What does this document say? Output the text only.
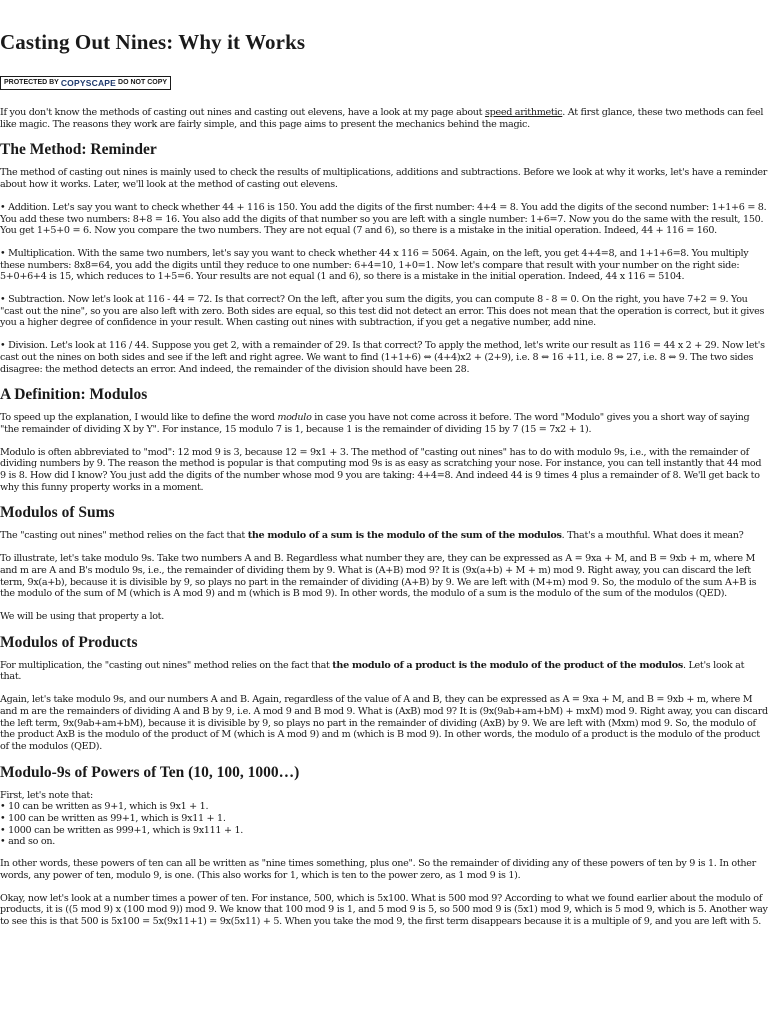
Casting Out Nines: Why it Works
PROTECTED BY COPYSCAPE DO NOT COPY

If you don't know the methods of casting out nines and casting out elevens, have a look at my page about speed arithmetic. At first glance, these two methods can feel like magic. The reasons they work are fairly simple, and this page aims to present the mechanics behind the magic.

The Method: Reminder

The method of casting out nines is mainly used to check the results of multiplications, additions and subtractions. Before we look at why it works, let's have a reminder about how it works. Later, we'll look at the method of casting out elevens.

• Addition. Let's say you want to check whether 44 + 116 is 150. You add the digits of the first number: 4+4 = 8. You add the digits of the second number: 1+1+6 = 8. You add these two numbers: 8+8 = 16. You also add the digits of that number so you are left with a single number: 1+6=7. Now you do the same with the result, 150. You get 1+5+0 = 6. Now you compare the two numbers. They are not equal (7 and 6), so there is a mistake in the initial operation. Indeed, 44 + 116 = 160.

• Multiplication. With the same two numbers, let's say you want to check whether 44 x 116 = 5064. Again, on the left, you get 4+4=8, and 1+1+6=8. You multiply these numbers: 8x8=64, you add the digits until they reduce to one number: 6+4=10, 1+0=1. Now let's compare that result with your number on the right side: 5+0+6+4 is 15, which reduces to 1+5=6. Your results are not equal (1 and 6), so there is a mistake in the initial operation. Indeed, 44 x 116 = 5104.

• Subtraction. Now let's look at 116 - 44 = 72. Is that correct? On the left, after you sum the digits, you can compute 8 - 8 = 0. On the right, you have 7+2 = 9. You "cast out the nine", so you are also left with zero. Both sides are equal, so this test did not detect an error. This does not mean that the operation is correct, but it gives you a higher degree of confidence in your result. When casting out nines with subtraction, if you get a negative number, add nine.

• Division. Let's look at 116 / 44. Suppose you get 2, with a remainder of 29. Is that correct? To apply the method, let's write our result as 116 = 44 x 2 + 29. Now let's cast out the nines on both sides and see if the left and right agree. We want to find (1+1+6) ⇔ (4+4)x2 + (2+9), i.e. 8 ⇔ 16 +11, i.e. 8 ⇔ 27, i.e. 8 ⇔ 9. The two sides disagree: the method detects an error. And indeed, the remainder of the division should have been 28.

A Definition: Modulos

To speed up the explanation, I would like to define the word modulo in case you have not come across it before. The word "Modulo" gives you a short way of saying "the remainder of dividing X by Y". For instance, 15 modulo 7 is 1, because 1 is the remainder of dividing 15 by 7 (15 = 7x2 + 1).

Modulo is often abbreviated to "mod": 12 mod 9 is 3, because 12 = 9x1 + 3. The method of "casting out nines" has to do with modulo 9s, i.e., with the remainder of dividing numbers by 9. The reason the method is popular is that computing mod 9s is as easy as scratching your nose. For instance, you can tell instantly that 44 mod 9 is 8. How did I know? You just add the digits of the number whose mod 9 you are taking: 4+4=8. And indeed 44 is 9 times 4 plus a remainder of 8. We'll get back to why this funny property works in a moment.

Modulos of Sums

The "casting out nines" method relies on the fact that the modulo of a sum is the modulo of the sum of the modulos. That's a mouthful. What does it mean?

To illustrate, let's take modulo 9s. Take two numbers A and B. Regardless what number they are, they can be expressed as A = 9xa + M, and B = 9xb + m, where M and m are A and B's modulo 9s, i.e., the remainder of dividing them by 9. What is (A+B) mod 9? It is (9x(a+b) + M + m) mod 9. Right away, you can discard the left term, 9x(a+b), because it is divisible by 9, so plays no part in the remainder of dividing (A+B) by 9. We are left with (M+m) mod 9. So, the modulo of the sum A+B is the modulo of the sum of M (which is A mod 9) and m (which is B mod 9). In other words, the modulo of a sum is the modulo of the sum of the modulos (QED).

We will be using that property a lot.

Modulos of Products

For multiplication, the "casting out nines" method relies on the fact that the modulo of a product is the modulo of the product of the modulos. Let's look at that.

Again, let's take modulo 9s, and our numbers A and B. Again, regardless of the value of A and B, they can be expressed as A = 9xa + M, and B = 9xb + m, where M and m are the remainders of dividing A and B by 9, i.e. A mod 9 and B mod 9. What is (AxB) mod 9? It is (9x(9ab+am+bM) + mxM) mod 9. Right away, you can discard the left term, 9x(9ab+am+bM), because it is divisible by 9, so plays no part in the remainder of dividing (AxB) by 9. We are left with (Mxm) mod 9. So, the modulo of the product AxB is the modulo of the product of M (which is A mod 9) and m (which is B mod 9). In other words, the modulo of a product is the modulo of the product of the modulos (QED).

Modulo-9s of Powers of Ten (10, 100, 1000…)

First, let's note that:
• 10 can be written as 9+1, which is 9x1 + 1.
• 100 can be written as 99+1, which is 9x11 + 1.
• 1000 can be written as 999+1, which is 9x111 + 1.
• and so on.

In other words, these powers of ten can all be written as "nine times something, plus one". So the remainder of dividing any of these powers of ten by 9 is 1. In other words, any power of ten, modulo 9, is one. (This also works for 1, which is ten to the power zero, as 1 mod 9 is 1).

Okay, now let's look at a number times a power of ten. For instance, 500, which is 5x100. What is 500 mod 9? According to what we found earlier about the modulo of products, it is ((5 mod 9) x (100 mod 9)) mod 9. We know that 100 mod 9 is 1, and 5 mod 9 is 5, so 500 mod 9 is (5x1) mod 9, which is 5 mod 9, which is 5. Another way to see this is that 500 is 5x100 = 5x(9x11+1) = 9x(5x11) + 5. When you take the mod 9, the first term disappears because it is a multiple of 9, and you are left with 5.
